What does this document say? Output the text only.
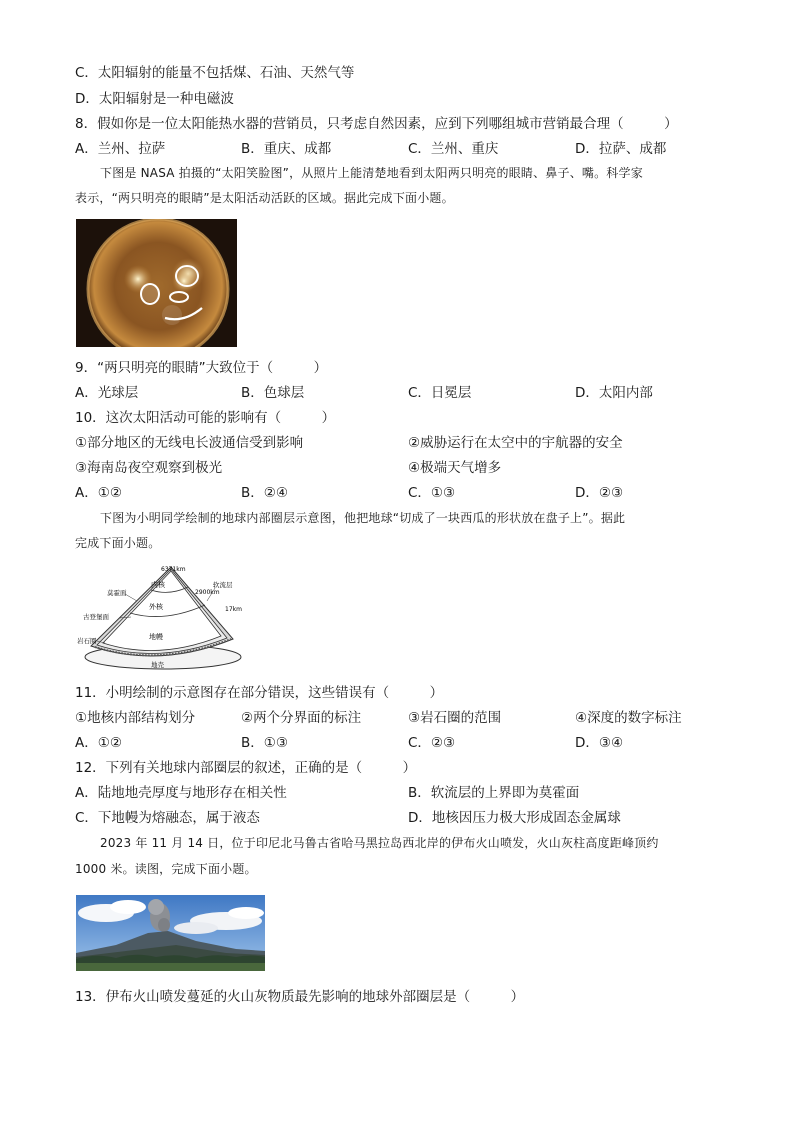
C．太阳辐射的能量不包括煤、石油、天然气等
D．太阳辐射是一种电磁波
8．假如你是一位太阳能热水器的营销员，只考虑自然因素，应到下列哪组城市营销最合理（　　　）
A．兰州、拉萨	B．重庆、成都	C．兰州、重庆	D．拉萨、成都
下图是 NASA 拍摄的“太阳笑脸图”，从照片上能清楚地看到太阳两只明亮的眼睛、鼻子、嘴。科学家
表示，“两只明亮的眼睛”是太阳活动活跃的区域。据此完成下面小题。
9．“两只明亮的眼睛”大致位于（　　　）
A．光球层	B．色球层	C．日冕层	D．太阳内部
10．这次太阳活动可能的影响有（　　　）
①部分地区的无线电长波通信受到影响	②威胁运行在太空中的宇航器的安全
③海南岛夜空观察到极光	④极端天气增多
A．①②	B．②④	C．①③	D．②③
下图为小明同学绘制的地球内部圈层示意图，他把地球“切成了一块西瓜的形状放在盘子上”。据此
完成下面小题。
6371km
内核	软流层
莫霍面	2900km
外核	17km
古登堡面
岩石圈	地幔
地壳
11．小明绘制的示意图存在部分错误，这些错误有（　　　）
①地核内部结构划分	②两个分界面的标注	③岩石圈的范围	④深度的数字标注
A．①②	B．①③	C．②③	D．③④
12．下列有关地球内部圈层的叙述，正确的是（　　　）
A．陆地地壳厚度与地形存在相关性	B．软流层的上界即为莫霍面
C．下地幔为熔融态，属于液态	D．地核因压力极大形成固态金属球
2023 年 11 月 14 日，位于印尼北马鲁古省哈马黑拉岛西北岸的伊布火山喷发，火山灰柱高度距峰顶约
1000 米。读图，完成下面小题。
13．伊布火山喷发蔓延的火山灰物质最先影响的地球外部圈层是（　　　）
